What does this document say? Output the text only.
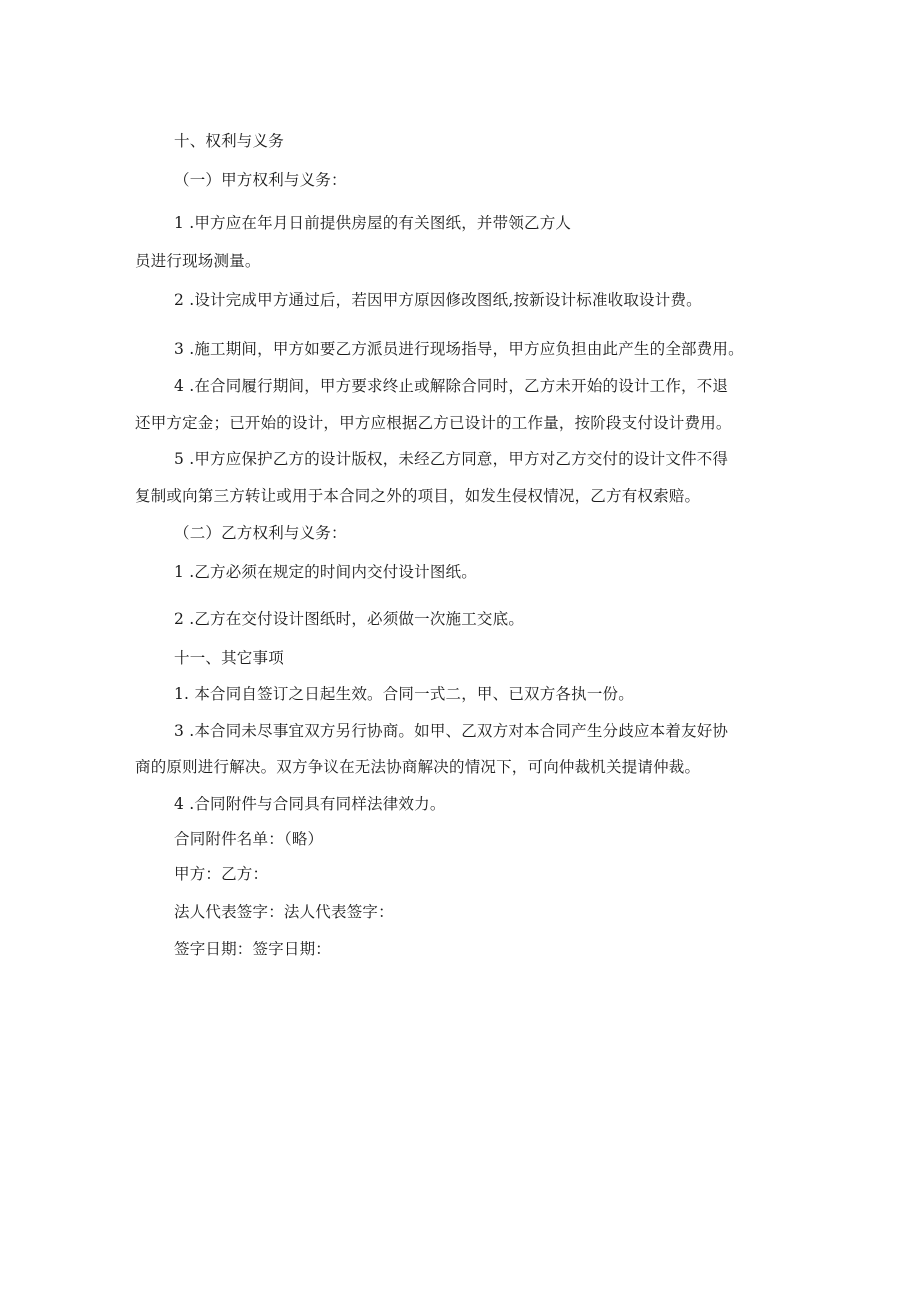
十、权利与义务
（一）甲方权利与义务：
1 .甲方应在年月日前提供房屋的有关图纸，并带领乙方人
员进行现场测量。
2 .设计完成甲方通过后，若因甲方原因修改图纸,按新设计标准收取设计费。
3 .施工期间，甲方如要乙方派员进行现场指导，甲方应负担由此产生的全部费用。
4 .在合同履行期间，甲方要求终止或解除合同时，乙方未开始的设计工作，不退
还甲方定金；已开始的设计，甲方应根据乙方已设计的工作量，按阶段支付设计费用。
5 .甲方应保护乙方的设计版权，未经乙方同意，甲方对乙方交付的设计文件不得
复制或向第三方转让或用于本合同之外的项目，如发生侵权情况，乙方有权索赔。
（二）乙方权利与义务：
1 .乙方必须在规定的时间内交付设计图纸。
2 .乙方在交付设计图纸时，必须做一次施工交底。
十一、其它事项
1. 本合同自签订之日起生效。合同一式二，甲、已双方各执一份。
3 .本合同未尽事宜双方另行协商。如甲、乙双方对本合同产生分歧应本着友好协
商的原则进行解决。双方争议在无法协商解决的情况下，可向仲裁机关提请仲裁。
4 .合同附件与合同具有同样法律效力。
合同附件名单：（略）
甲方：乙方：
法人代表签字：法人代表签字：
签字日期：签字日期：
